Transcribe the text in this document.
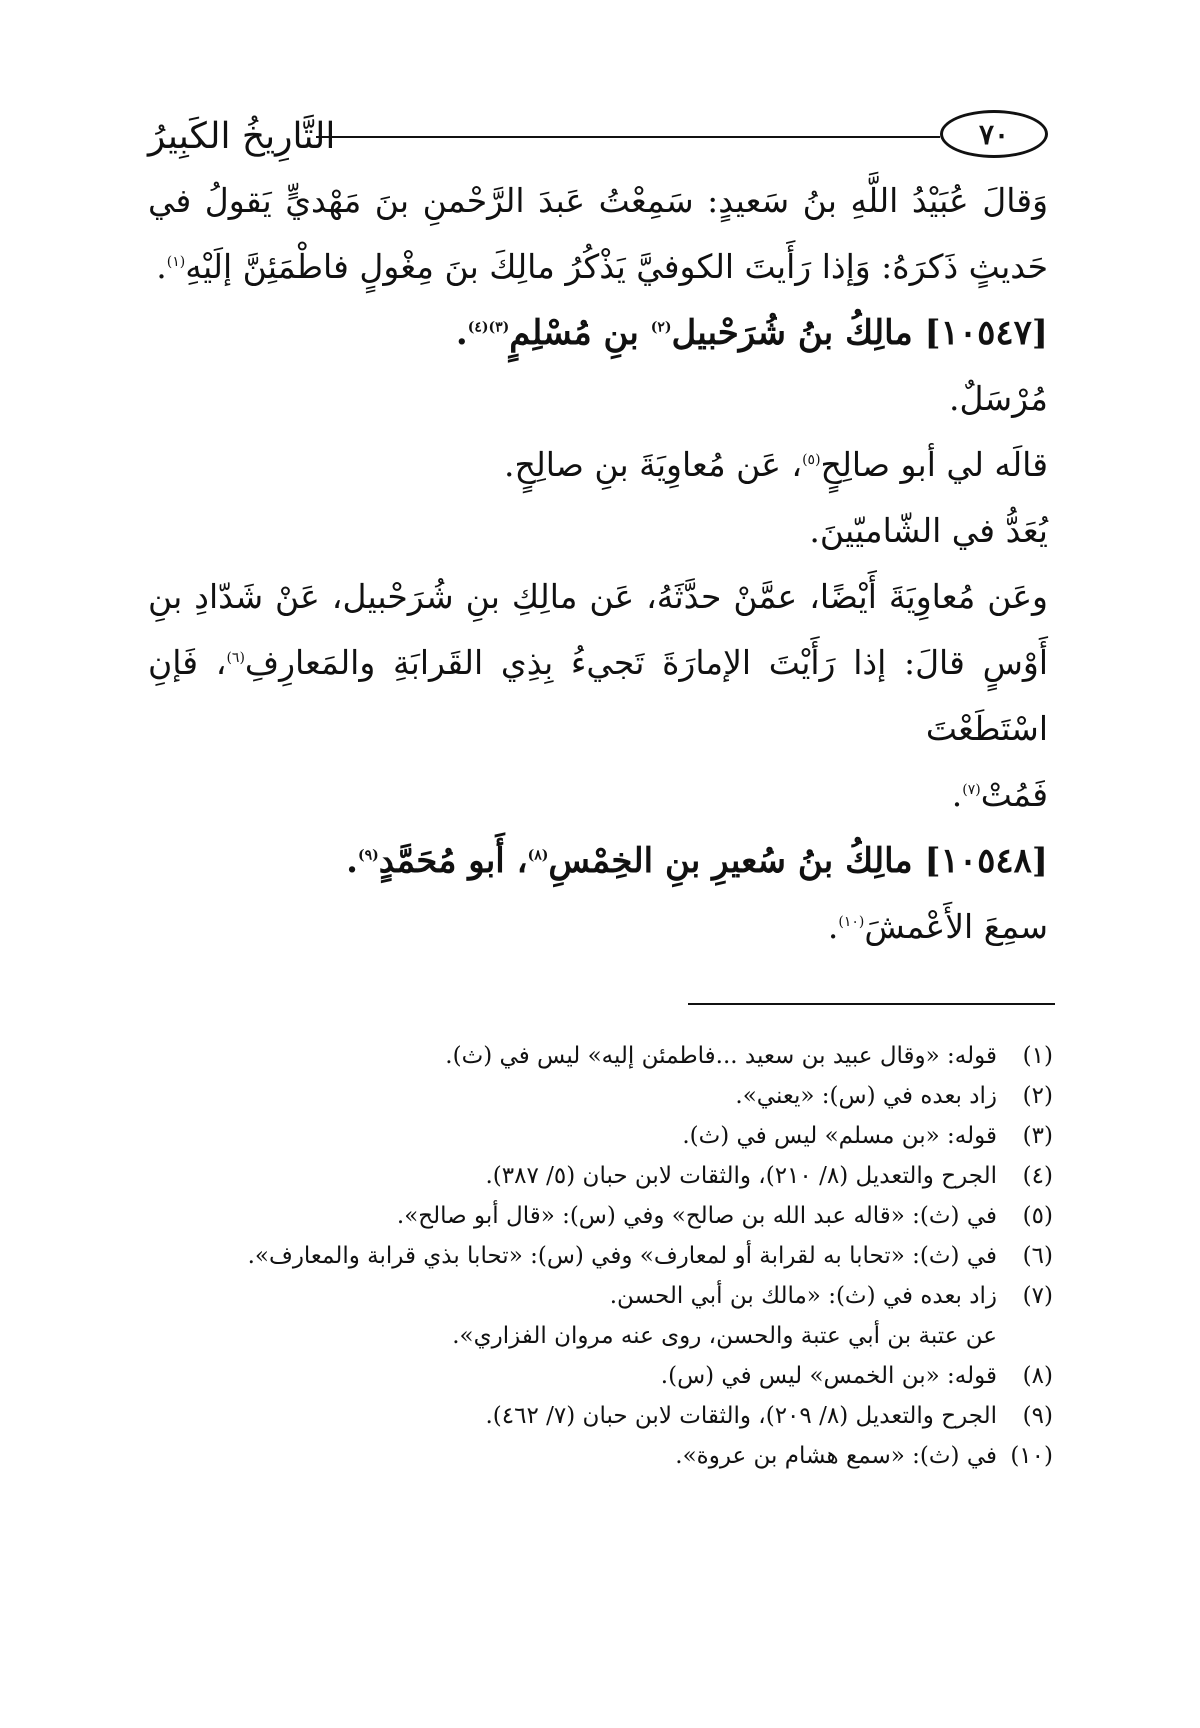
التَّارِيخُ الكَبِيرُ	٧٠

وَقالَ عُبَيْدُ اللَّهِ بنُ سَعيدٍ: سَمِعْتُ عَبدَ الرَّحْمنِ بنَ مَهْديٍّ يَقولُ في

حَديثٍ ذَكرَهُ: وَإذا رَأَيتَ الكوفيَّ يَذْكُرُ مالِكَ بنَ مِغْولٍ فاطْمَئِنَّ إلَيْهِ$^{(١)}$.

[١٠٥٤٧] مالِكُ بنُ شُرَحْبيل$^{(٢)}$ بنِ مُسْلِمٍ$^{(٣)(٤)}$.

مُرْسَلٌ.

قالَه لي أبو صالِحٍ$^{(٥)}$، عَن مُعاوِيَةَ بنِ صالِحٍ.

يُعَدُّ في الشّاميّينَ.

وعَن مُعاوِيَةَ أَيْضًا، عمَّنْ حدَّثَهُ، عَن مالِكِ بنِ شُرَحْبيل، عَنْ شَدّادِ بنِ

أَوْسٍ قالَ: إذا رَأَيْتَ الإمارَةَ تَجيءُ بِذِي القَرابَةِ والمَعارِفِ$^{(٦)}$، فَإنِ اسْتَطَعْتَ

فَمُتْ$^{(٧)}$.

[١٠٥٤٨] مالِكُ بنُ سُعيرِ بنِ الخِمْسِ$^{(٨)}$، أَبو مُحَمَّدٍ$^{(٩)}$.

سمِعَ الأَعْمشَ$^{(١٠)}$.

(١)
قوله: «وقال عبيد بن سعيد ...فاطمئن إليه» ليس في (ث).
(٢)
زاد بعده في (س): «يعني».
(٣)
قوله: «بن مسلم» ليس في (ث).
(٤)
الجرح والتعديل (٨/ ٢١٠)، والثقات لابن حبان (٥/ ٣٨٧).
(٥)
في (ث): «قاله عبد الله بن صالح» وفي (س): «قال أبو صالح».
(٦)
في (ث): «تحابا به لقرابة أو لمعارف» وفي (س): «تحابا بذي قرابة والمعارف».
(٧)
زاد بعده في (ث): «مالك بن أبي الحسن.
عن عتبة بن أبي عتبة والحسن، روى عنه مروان الفزاري».
(٨)
قوله: «بن الخمس» ليس في (س).
(٩)
الجرح والتعديل (٨/ ٢٠٩)، والثقات لابن حبان (٧/ ٤٦٢).
(١٠)
في (ث): «سمع هشام بن عروة».
